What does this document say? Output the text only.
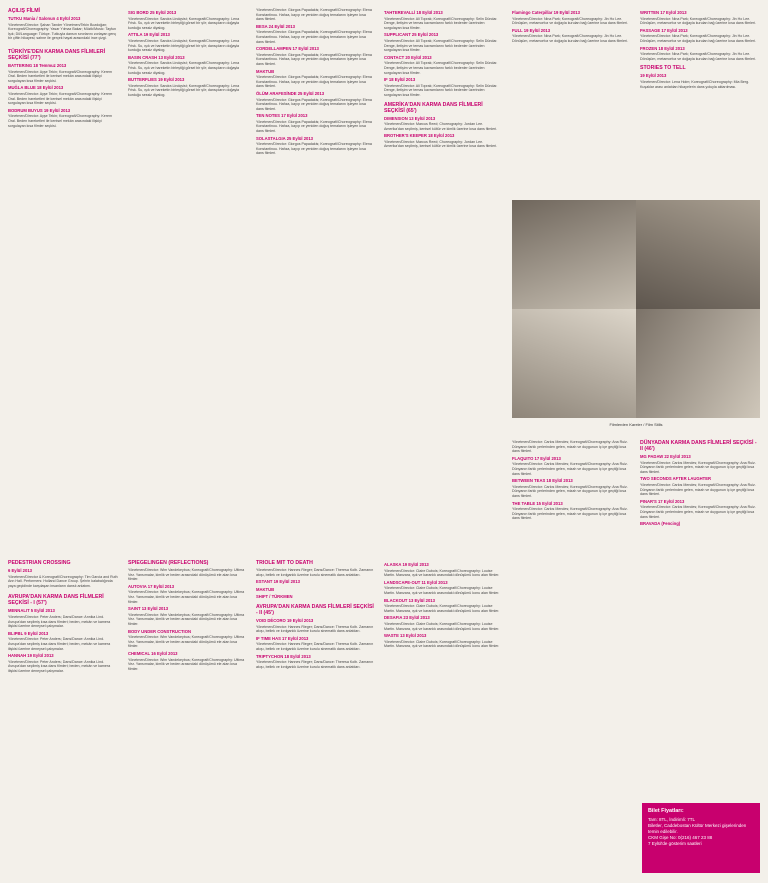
AÇILIŞ FİLMİ
TUTKU Mania / Salonun 4 Eylül 2013

Yönetmen/Director: Şahan Tander Yönetmen/Tekin Bozdoğan; Koreografi/Choreography: Yasar Yılmaz Bakar; Müzik/Music: Tayfun Işık; Dil/Language: Türkçe. Tutkuyla dansın sınırlarını zorlayan genç bir çiftin hikayesi; sahne ile gerçek hayat arasındaki ince çizgi.

TÜRKİYE'DEN KARMA DANS FİLMLERİ SEÇKİSİ (77')
BATTERING 18 Temmuz 2013

Yönetmen/Director: Ayşe Tekin; Koreografi/Choreography: Kerem Oral. Beden hareketleri ile kentsel mekân arasındaki ilişkiyi sorgulayan kısa filmler seçkisi.

MUĞLA BLUE 18 Eylül 2013

Yönetmen/Director: Ayşe Tekin; Koreografi/Choreography: Kerem Oral. Beden hareketleri ile kentsel mekân arasındaki ilişkiyi sorgulayan kısa filmler seçkisi.

BODRUM BUYUS 19 Eylül 2013

Yönetmen/Director: Ayşe Tekin; Koreografi/Choreography: Kerem Oral. Beden hareketleri ile kentsel mekân arasındaki ilişkiyi sorgulayan kısa filmler seçkisi.

PEDESTRIAN CROSSING
6 Eylül 2013

Yönetmen/Director & Koreografi/Choreography: Tim Garcia and Ruth Ann Hall. Performers: Holland Dance Group. Şehrin kalabalığında yaya geçidinde karşılaşan insanların danslı anlatımı.

AVRUPA'DAN KARMA DANS FİLMLERİ SEÇKİSİ - I (57')
MENNALIT 5 Eylül 2013

Yönetmen/Director: Peter Anders; Dans/Dance: Annika Lind. Avrupa'dan seçilmiş kısa dans filmleri; beden, mekân ve kamera ilişkisi üzerine deneysel çalışmalar.

BLIPBL 9 Eylül 2013

Yönetmen/Director: Peter Anders; Dans/Dance: Annika Lind. Avrupa'dan seçilmiş kısa dans filmleri; beden, mekân ve kamera ilişkisi üzerine deneysel çalışmalar.

HANNAH 19 Eylül 2013

Yönetmen/Director: Peter Anders; Dans/Dance: Annika Lind. Avrupa'dan seçilmiş kısa dans filmleri; beden, mekân ve kamera ilişkisi üzerine deneysel çalışmalar.

SIG BORD 25 Eylül 2013

Yönetmen/Director: Sandra Lindqvist; Koreografi/Choreography: Lena Frisk. Su, ışık ve hareketin birleştiği görsel bir şiir; dansçıların doğayla kurduğu sessiz diyalog.

ATTILA 19 Eylül 2013

Yönetmen/Director: Sandra Lindqvist; Koreografi/Choreography: Lena Frisk. Su, ışık ve hareketin birleştiği görsel bir şiir; dansçıların doğayla kurduğu sessiz diyalog.

BASIN CRASH 13 Eylül 2013

Yönetmen/Director: Sandra Lindqvist; Koreografi/Choreography: Lena Frisk. Su, ışık ve hareketin birleştiği görsel bir şiir; dansçıların doğayla kurduğu sessiz diyalog.

BUTTERFLIES 19 Eylül 2013

Yönetmen/Director: Sandra Lindqvist; Koreografi/Choreography: Lena Frisk. Su, ışık ve hareketin birleştiği görsel bir şiir; dansçıların doğayla kurduğu sessiz diyalog.

SPIEGELINGEN (REFLECTIONS)

Yönetmen/Director: Wim Vandekeybus; Koreografi/Choreography: Ultima Vez. Yansımalar, kimlik ve beden arasındaki dönüşümü ele alan kısa filmler.

AUTOVIA 17 Eylül 2013

Yönetmen/Director: Wim Vandekeybus; Koreografi/Choreography: Ultima Vez. Yansımalar, kimlik ve beden arasındaki dönüşümü ele alan kısa filmler.

SAINT 13 Eylül 2013

Yönetmen/Director: Wim Vandekeybus; Koreografi/Choreography: Ultima Vez. Yansımalar, kimlik ve beden arasındaki dönüşümü ele alan kısa filmler.

BODY UNDER CONSTRUCTION

Yönetmen/Director: Wim Vandekeybus; Koreografi/Choreography: Ultima Vez. Yansımalar, kimlik ve beden arasındaki dönüşümü ele alan kısa filmler.

CHEMICAL 16 Eylül 2013

Yönetmen/Director: Wim Vandekeybus; Koreografi/Choreography: Ultima Vez. Yansımalar, kimlik ve beden arasındaki dönüşümü ele alan kısa filmler.

Yönetmen/Director: Giorgos Papadakis; Koreografi/Choreography: Elena Konstantinou. Hafıza, kayıp ve yeniden doğuş temalarını işleyen kısa dans filmleri.

BESA 24 Eylül 2013

Yönetmen/Director: Giorgos Papadakis; Koreografi/Choreography: Elena Konstantinou. Hafıza, kayıp ve yeniden doğuş temalarını işleyen kısa dans filmleri.

CORDELLAMPEN 17 Eylül 2013

Yönetmen/Director: Giorgos Papadakis; Koreografi/Choreography: Elena Konstantinou. Hafıza, kayıp ve yeniden doğuş temalarını işleyen kısa dans filmleri.

MAKTUB

Yönetmen/Director: Giorgos Papadakis; Koreografi/Choreography: Elena Konstantinou. Hafıza, kayıp ve yeniden doğuş temalarını işleyen kısa dans filmleri.

ÖLÜM ARAFESİNDE 25 Eylül 2013

Yönetmen/Director: Giorgos Papadakis; Koreografi/Choreography: Elena Konstantinou. Hafıza, kayıp ve yeniden doğuş temalarını işleyen kısa dans filmleri.

TEN NOTES 17 Eylül 2013

Yönetmen/Director: Giorgos Papadakis; Koreografi/Choreography: Elena Konstantinou. Hafıza, kayıp ve yeniden doğuş temalarını işleyen kısa dans filmleri.

SOLASTALGIA 25 Eylül 2013

Yönetmen/Director: Giorgos Papadakis; Koreografi/Choreography: Elena Konstantinou. Hafıza, kayıp ve yeniden doğuş temalarını işleyen kısa dans filmleri.

TRIOLE MIT TO DEATH

Yönetmen/Director: Hannes Rieger; Dans/Dance: Theresa Kolb. Zamanın akışı, bellek ve kırılganlık üzerine kurulu sinematik dans anlatıları.

ESTANT 19 Eylül 2013
MAKTUB
SHIFT / TÜRKMEN
AVRUPA'DAN KARMA DANS FİLMLERİ SEÇKİSİ - II (45')
VOID DÉCORO 19 Eylül 2013

Yönetmen/Director: Hannes Rieger; Dans/Dance: Theresa Kolb. Zamanın akışı, bellek ve kırılganlık üzerine kurulu sinematik dans anlatıları.

IF TIME HAS 17 Eylül 2013

Yönetmen/Director: Hannes Rieger; Dans/Dance: Theresa Kolb. Zamanın akışı, bellek ve kırılganlık üzerine kurulu sinematik dans anlatıları.

TRIPTYCHON 18 Eylül 2013

Yönetmen/Director: Hannes Rieger; Dans/Dance: Theresa Kolb. Zamanın akışı, bellek ve kırılganlık üzerine kurulu sinematik dans anlatıları.

TAHTEREVALLİ 18 Eylül 2013

Yönetmen/Director: Ali Toprak; Koreografi/Choreography: Selin Dündar. Denge, iletişim ve temas kavramlarını farklı bedenler üzerinden sorgulayan kısa filmler.

SUPPLICANT 25 Eylül 2013

Yönetmen/Director: Ali Toprak; Koreografi/Choreography: Selin Dündar. Denge, iletişim ve temas kavramlarını farklı bedenler üzerinden sorgulayan kısa filmler.

CONTACT 20 Eylül 2013

Yönetmen/Director: Ali Toprak; Koreografi/Choreography: Selin Dündar. Denge, iletişim ve temas kavramlarını farklı bedenler üzerinden sorgulayan kısa filmler.

IF 18 Eylül 2013

Yönetmen/Director: Ali Toprak; Koreografi/Choreography: Selin Dündar. Denge, iletişim ve temas kavramlarını farklı bedenler üzerinden sorgulayan kısa filmler.

AMERİKA'DAN KARMA DANS FİLMLERİ SEÇKİSİ (65')
DIMENSION 13 Eylül 2013

Yönetmen/Director: Marcus Reed; Choreography: Jordan Lee. Amerika'dan seçilmiş, kentsel kültür ve kimlik üzerine kısa dans filmleri.

BROTHER'S KEEPER 18 Eylül 2013

Yönetmen/Director: Marcus Reed; Choreography: Jordan Lee. Amerika'dan seçilmiş, kentsel kültür ve kimlik üzerine kısa dans filmleri.

ALASKA 19 Eylül 2013

Yönetmen/Director: Claire Dubois; Koreografi/Choreography: Louise Martin. Manzara, ışık ve karanlık arasındaki dönüşümü konu alan filmler.

LANDSCAPE-OUT 11 Eylül 2013

Yönetmen/Director: Claire Dubois; Koreografi/Choreography: Louise Martin. Manzara, ışık ve karanlık arasındaki dönüşümü konu alan filmler.

BLACKOUT 13 Eylül 2013

Yönetmen/Director: Claire Dubois; Koreografi/Choreography: Louise Martin. Manzara, ışık ve karanlık arasındaki dönüşümü konu alan filmler.

DESAFIA 23 Eylül 2013

Yönetmen/Director: Claire Dubois; Koreografi/Choreography: Louise Martin. Manzara, ışık ve karanlık arasındaki dönüşümü konu alan filmler.

WASTE 13 Eylül 2013

Yönetmen/Director: Claire Dubois; Koreografi/Choreography: Louise Martin. Manzara, ışık ve karanlık arasındaki dönüşümü konu alan filmler.

Flamingo Caterpillar 19 Eylül 2013

Yönetmen/Director: Nina Park; Koreografi/Choreography: Jin Ho Lee. Dönüşüm, metamorfoz ve doğayla kurulan bağ üzerine kısa dans filmleri.

FULL 19 Eylül 2013

Yönetmen/Director: Nina Park; Koreografi/Choreography: Jin Ho Lee. Dönüşüm, metamorfoz ve doğayla kurulan bağ üzerine kısa dans filmleri.

WRITTEN 17 Eylül 2013

Yönetmen/Director: Nina Park; Koreografi/Choreography: Jin Ho Lee. Dönüşüm, metamorfoz ve doğayla kurulan bağ üzerine kısa dans filmleri.

PASSAGE 17 Eylül 2013

Yönetmen/Director: Nina Park; Koreografi/Choreography: Jin Ho Lee. Dönüşüm, metamorfoz ve doğayla kurulan bağ üzerine kısa dans filmleri.

FROZEN 18 Eylül 2013

Yönetmen/Director: Nina Park; Koreografi/Choreography: Jin Ho Lee. Dönüşüm, metamorfoz ve doğayla kurulan bağ üzerine kısa dans filmleri.

STORIES TO TELL
19 Eylül 2013

Yönetmen/Director: Lena Holm; Koreografi/Choreography: Mia Berg. Kuşaklar arası anlatılan hikayelerin dans yoluyla aktarılması.

Filmlerden Kareler / Film Stills

Yönetmen/Director: Carlos Mendes; Koreografi/Choreography: Ana Ruiz. Dünyanın farklı yerlerinden gelen, mizah ve duygunun iç içe geçtiği kısa dans filmleri.

FLAQUITO 17 Eylül 2013

Yönetmen/Director: Carlos Mendes; Koreografi/Choreography: Ana Ruiz. Dünyanın farklı yerlerinden gelen, mizah ve duygunun iç içe geçtiği kısa dans filmleri.

BETWEEN TEAS 18 Eylül 2013

Yönetmen/Director: Carlos Mendes; Koreografi/Choreography: Ana Ruiz. Dünyanın farklı yerlerinden gelen, mizah ve duygunun iç içe geçtiği kısa dans filmleri.

THE TABLE 15 Eylül 2013

Yönetmen/Director: Carlos Mendes; Koreografi/Choreography: Ana Ruiz. Dünyanın farklı yerlerinden gelen, mizah ve duygunun iç içe geçtiği kısa dans filmleri.

DÜNYADAN KARMA DANS FİLMLERİ SEÇKİSİ - II (46')
MG PADAW 22 Eylül 2013

Yönetmen/Director: Carlos Mendes; Koreografi/Choreography: Ana Ruiz. Dünyanın farklı yerlerinden gelen, mizah ve duygunun iç içe geçtiği kısa dans filmleri.

TWO SECONDS AFTER LAUGHTER

Yönetmen/Director: Carlos Mendes; Koreografi/Choreography: Ana Ruiz. Dünyanın farklı yerlerinden gelen, mizah ve duygunun iç içe geçtiği kısa dans filmleri.

PINAR'S 17 Eylül 2013

Yönetmen/Director: Carlos Mendes; Koreografi/Choreography: Ana Ruiz. Dünyanın farklı yerlerinden gelen, mizah ve duygunun iç içe geçtiği kısa dans filmleri.

BRAVADA (Fencing)
Bilet Fiyatları:
Tam: 8TL, İndirimli: 7TL
Biletler, Caddebostan Kültür Merkezi gişelerinden temin edilebilir.
CKM Gişe No: 0(216) 467 23 88
7 Eylül'de gösterim saatleri
